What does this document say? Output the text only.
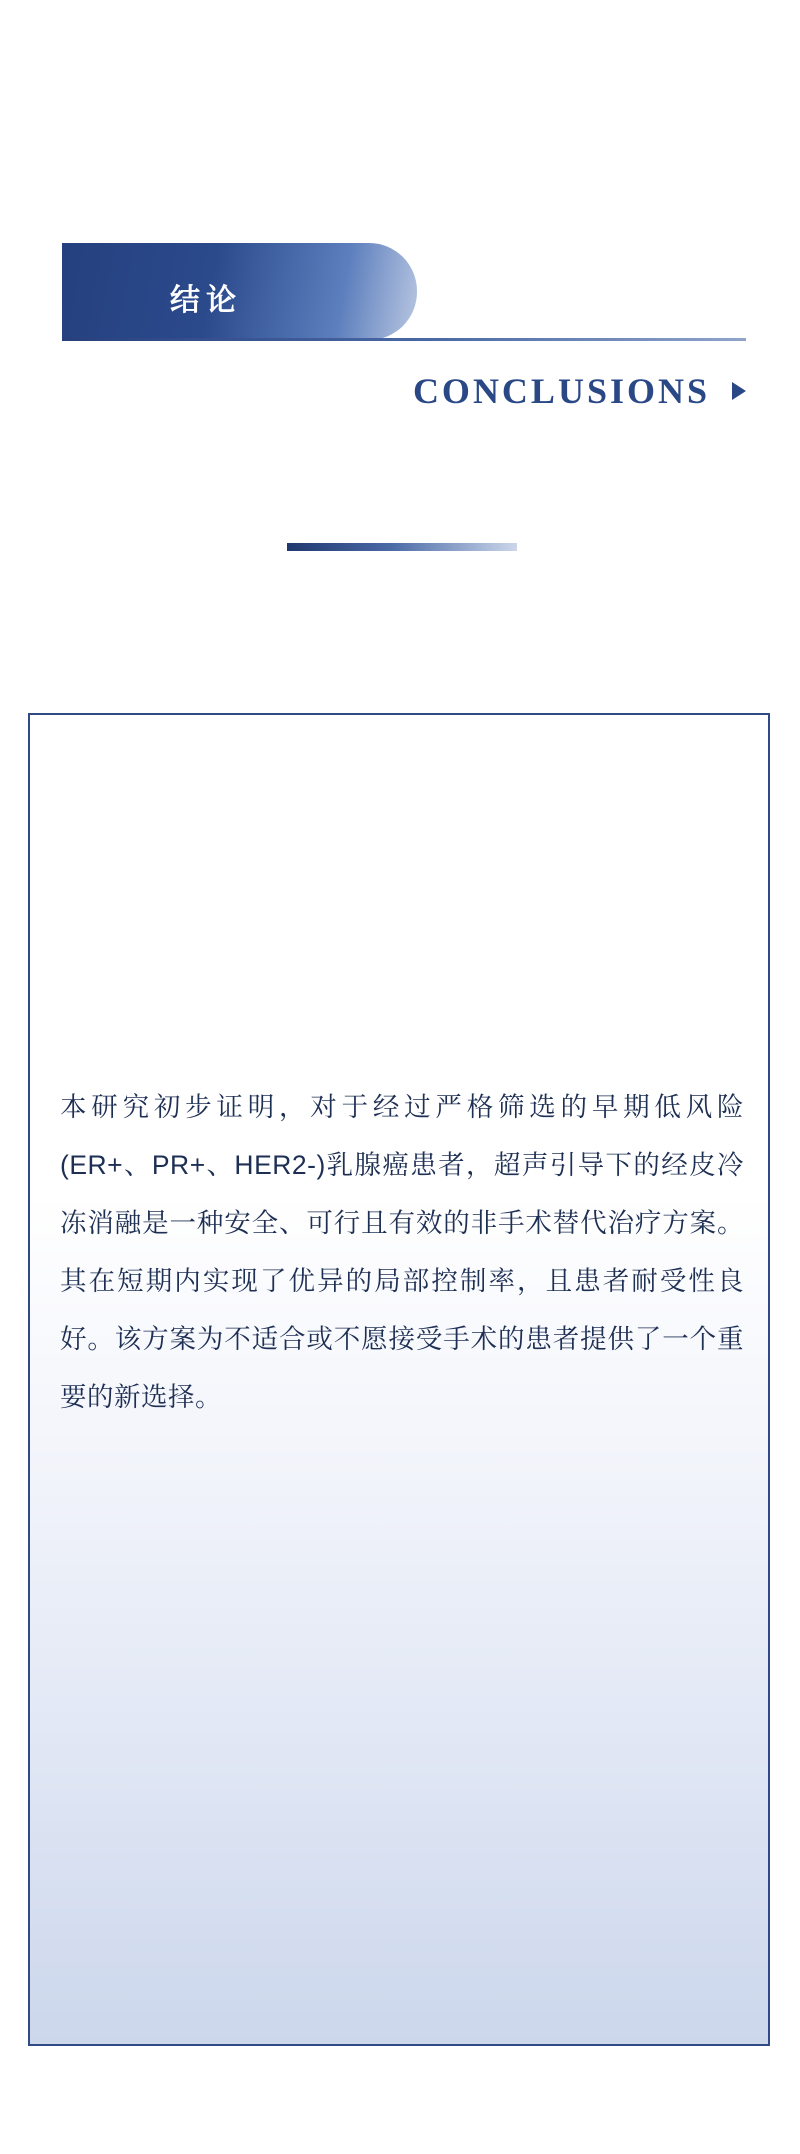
结论
CONCLUSIONS
本研究初步证明，对于经过严格筛选的早期低风险(ER+、PR+、HER2-)乳腺癌患者，超声引导下的经皮冷冻消融是一种安全、可行且有效的非手术替代治疗方案。其在短期内实现了优异的局部控制率，且患者耐受性良好。该方案为不适合或不愿接受手术的患者提供了一个重要的新选择。
